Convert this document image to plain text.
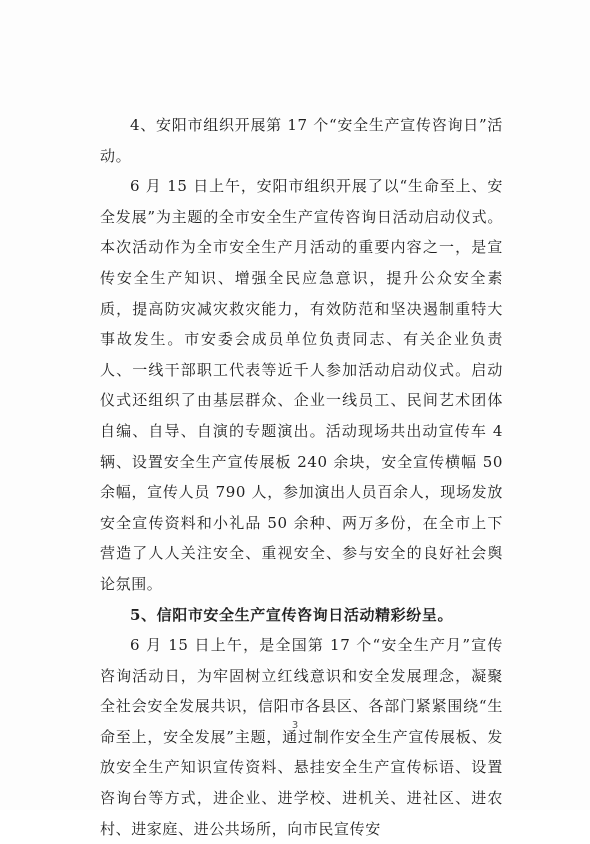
4、安阳市组织开展第 17 个“安全生产宣传咨询日”活动。

6 月 15 日上午，安阳市组织开展了以“生命至上、安全发展”为主题的全市安全生产宣传咨询日活动启动仪式。本次活动作为全市安全生产月活动的重要内容之一，是宣传安全生产知识、增强全民应急意识，提升公众安全素质，提高防灾减灾救灾能力，有效防范和坚决遏制重特大事故发生。市安委会成员单位负责同志、有关企业负责人、一线干部职工代表等近千人参加活动启动仪式。启动仪式还组织了由基层群众、企业一线员工、民间艺术团体自编、自导、自演的专题演出。活动现场共出动宣传车 4 辆、设置安全生产宣传展板 240 余块，安全宣传横幅 50 余幅，宣传人员 790 人，参加演出人员百余人，现场发放安全宣传资料和小礼品 50 余种、两万多份，在全市上下营造了人人关注安全、重视安全、参与安全的良好社会舆论氛围。

5、信阳市安全生产宣传咨询日活动精彩纷呈。

6 月 15 日上午，是全国第 17 个“安全生产月”宣传咨询活动日，为牢固树立红线意识和安全发展理念，凝聚全社会安全发展共识，信阳市各县区、各部门紧紧围绕“生命至上，安全发展”主题，通过制作安全生产宣传展板、发放安全生产知识宣传资料、悬挂安全生产宣传标语、设置咨询台等方式，进企业、进学校、进机关、进社区、进农村、进家庭、进公共场所，向市民宣传安

3
